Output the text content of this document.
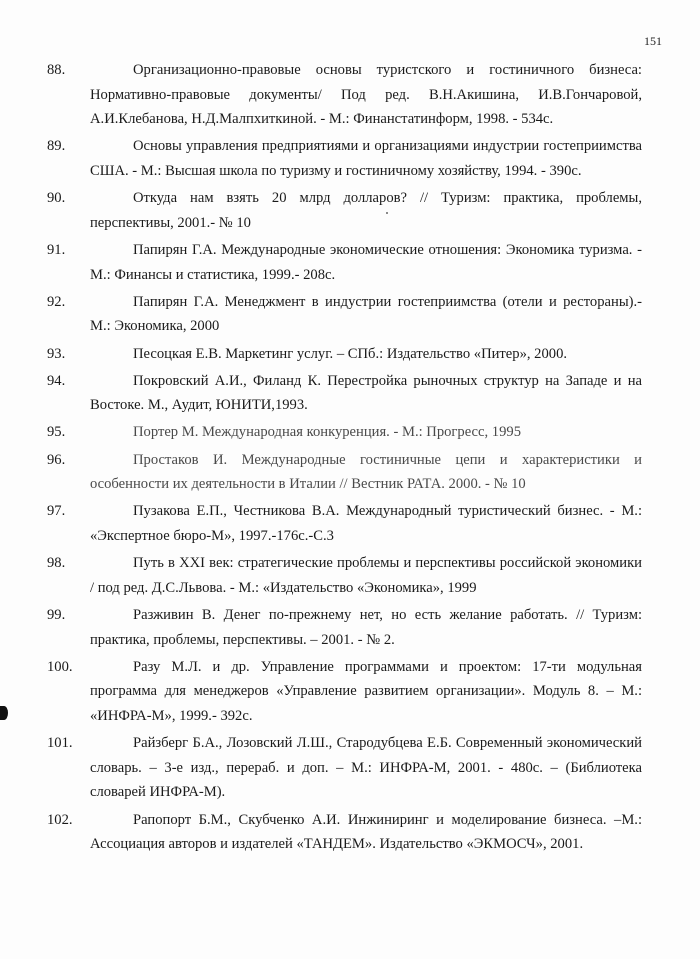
151
88.	Организационно-правовые основы туристского и гостиничного бизнеса: Нормативно-правовые документы/ Под ред. В.Н.Акишина, И.В.Гончаровой, А.И.Клебанова, Н.Д.Малпхиткиной. - М.: Финанстатинформ, 1998. - 534с.
89.	Основы управления предприятиями и организациями индустрии гостеприимства США. - М.: Высшая школа по туризму и гостиничному хозяйству, 1994. - 390с.
90.	Откуда нам взять 20 млрд долларов? // Туризм: практика, проблемы, перспективы, 2001.- № 10
91.	Папирян Г.А. Международные экономические отношения: Экономика туризма. - М.: Финансы и статистика, 1999.- 208с.
92.	Папирян Г.А. Менеджмент в индустрии гостеприимства (отели и рестораны).- М.: Экономика, 2000
93.	Песоцкая Е.В. Маркетинг услуг. – СПб.: Издательство «Питер», 2000.
94.	Покровский А.И., Филанд К. Перестройка рыночных структур на Западе и на Востоке. М., Аудит, ЮНИТИ,1993.
95.	Портер М. Международная конкуренция. - М.: Прогресс, 1995
96.	Простаков И. Международные гостиничные цепи и характеристики и особенности их деятельности в Италии // Вестник РАТА. 2000. - № 10
97.	Пузакова Е.П., Честникова В.А. Международный туристический бизнес. - М.: «Экспертное бюро-М», 1997.-176с.-С.3
98.	Путь в XXI век: стратегические проблемы и перспективы российской экономики / под ред. Д.С.Львова. - М.: «Издательство «Экономика», 1999
99.	Разживин В. Денег по-прежнему нет, но есть желание работать. // Туризм: практика, проблемы, перспективы. – 2001. - № 2.
100.	Разу М.Л. и др. Управление программами и проектом: 17-ти модульная программа для менеджеров «Управление развитием организации». Модуль 8. – М.: «ИНФРА-М», 1999.- 392с.
101.	Райзберг Б.А., Лозовский Л.Ш., Стародубцева Е.Б. Современный экономический словарь. – 3-е изд., перераб. и доп. – М.: ИНФРА-М, 2001. - 480с. – (Библиотека словарей ИНФРА-М).
102.	Рапопорт Б.М., Скубченко А.И. Инжиниринг и моделирование бизнеса. –М.: Ассоциация авторов и издателей «ТАНДЕМ». Издательство «ЭКМОСЧ», 2001.
